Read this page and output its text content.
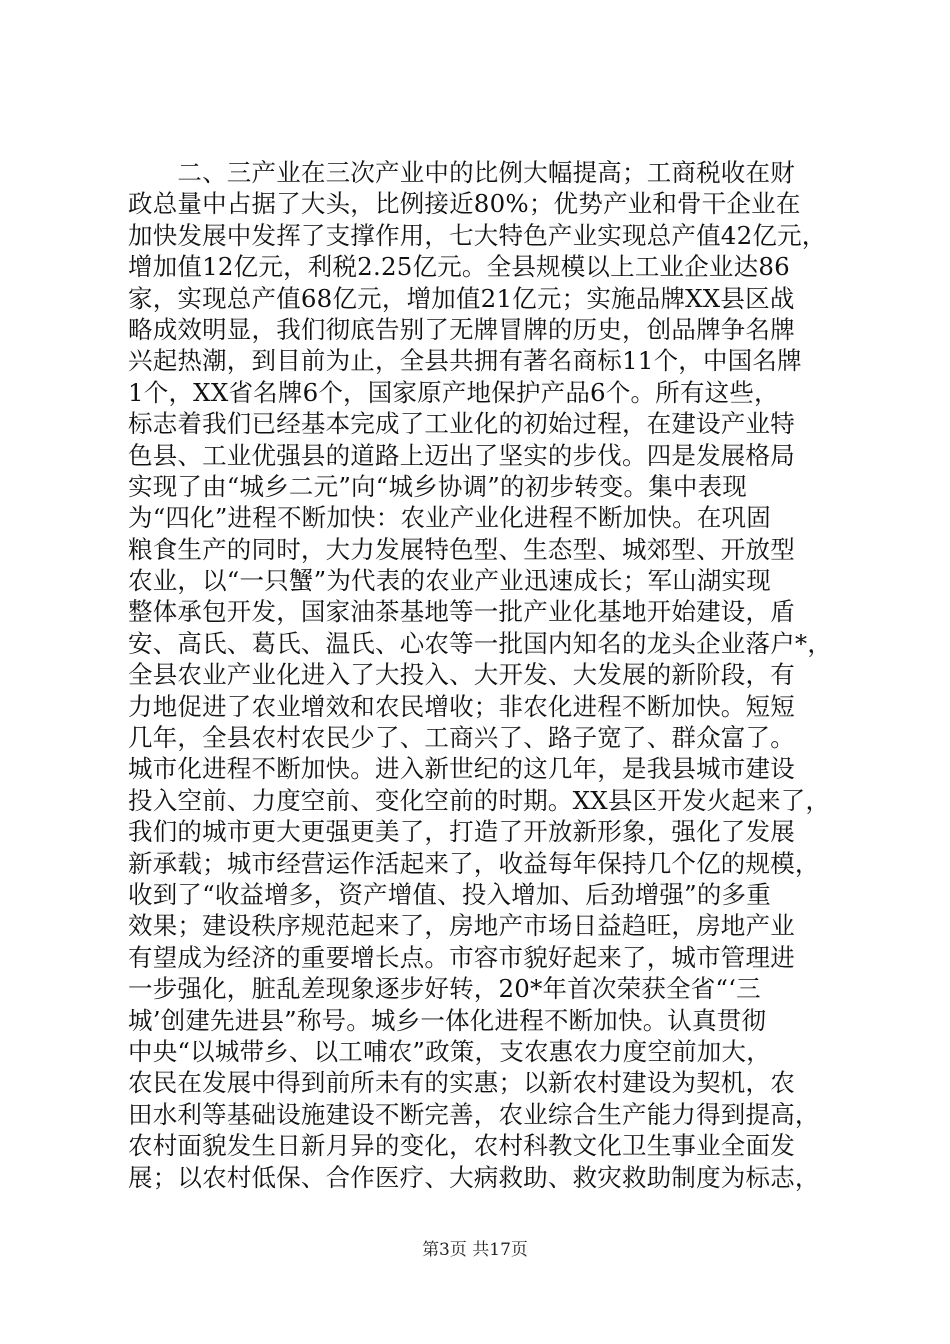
　　二、三产业在三次产业中的比例大幅提高；工商税收在财
政总量中占据了大头，比例接近80%；优势产业和骨干企业在
加快发展中发挥了支撑作用，七大特色产业实现总产值42亿元，
增加值12亿元，利税2.25亿元。全县规模以上工业企业达86
家，实现总产值68亿元，增加值21亿元；实施品牌XX县区战
略成效明显，我们彻底告别了无牌冒牌的历史，创品牌争名牌
兴起热潮，到目前为止，全县共拥有著名商标11个，中国名牌
1个，XX省名牌6个，国家原产地保护产品6个。所有这些，
标志着我们已经基本完成了工业化的初始过程，在建设产业特
色县、工业优强县的道路上迈出了坚实的步伐。四是发展格局
实现了由“城乡二元”向“城乡协调”的初步转变。集中表现
为“四化”进程不断加快：农业产业化进程不断加快。在巩固
粮食生产的同时，大力发展特色型、生态型、城郊型、开放型
农业，以“一只蟹”为代表的农业产业迅速成长；军山湖实现
整体承包开发，国家油茶基地等一批产业化基地开始建设，盾
安、高氏、葛氏、温氏、心农等一批国内知名的龙头企业落户*，
全县农业产业化进入了大投入、大开发、大发展的新阶段，有
力地促进了农业增效和农民增收；非农化进程不断加快。短短
几年，全县农村农民少了、工商兴了、路子宽了、群众富了。
城市化进程不断加快。进入新世纪的这几年，是我县城市建设
投入空前、力度空前、变化空前的时期。XX县区开发火起来了，
我们的城市更大更强更美了，打造了开放新形象，强化了发展
新承载；城市经营运作活起来了，收益每年保持几个亿的规模，
收到了“收益增多，资产增值、投入增加、后劲增强”的多重
效果；建设秩序规范起来了，房地产市场日益趋旺，房地产业
有望成为经济的重要增长点。市容市貌好起来了，城市管理进
一步强化，脏乱差现象逐步好转，20*年首次荣获全省“‘三
城’创建先进县”称号。城乡一体化进程不断加快。认真贯彻
中央“以城带乡、以工哺农”政策，支农惠农力度空前加大，
农民在发展中得到前所未有的实惠；以新农村建设为契机，农
田水利等基础设施建设不断完善，农业综合生产能力得到提高，
农村面貌发生日新月异的变化，农村科教文化卫生事业全面发
展；以农村低保、合作医疗、大病救助、救灾救助制度为标志，
第3页 共17页
